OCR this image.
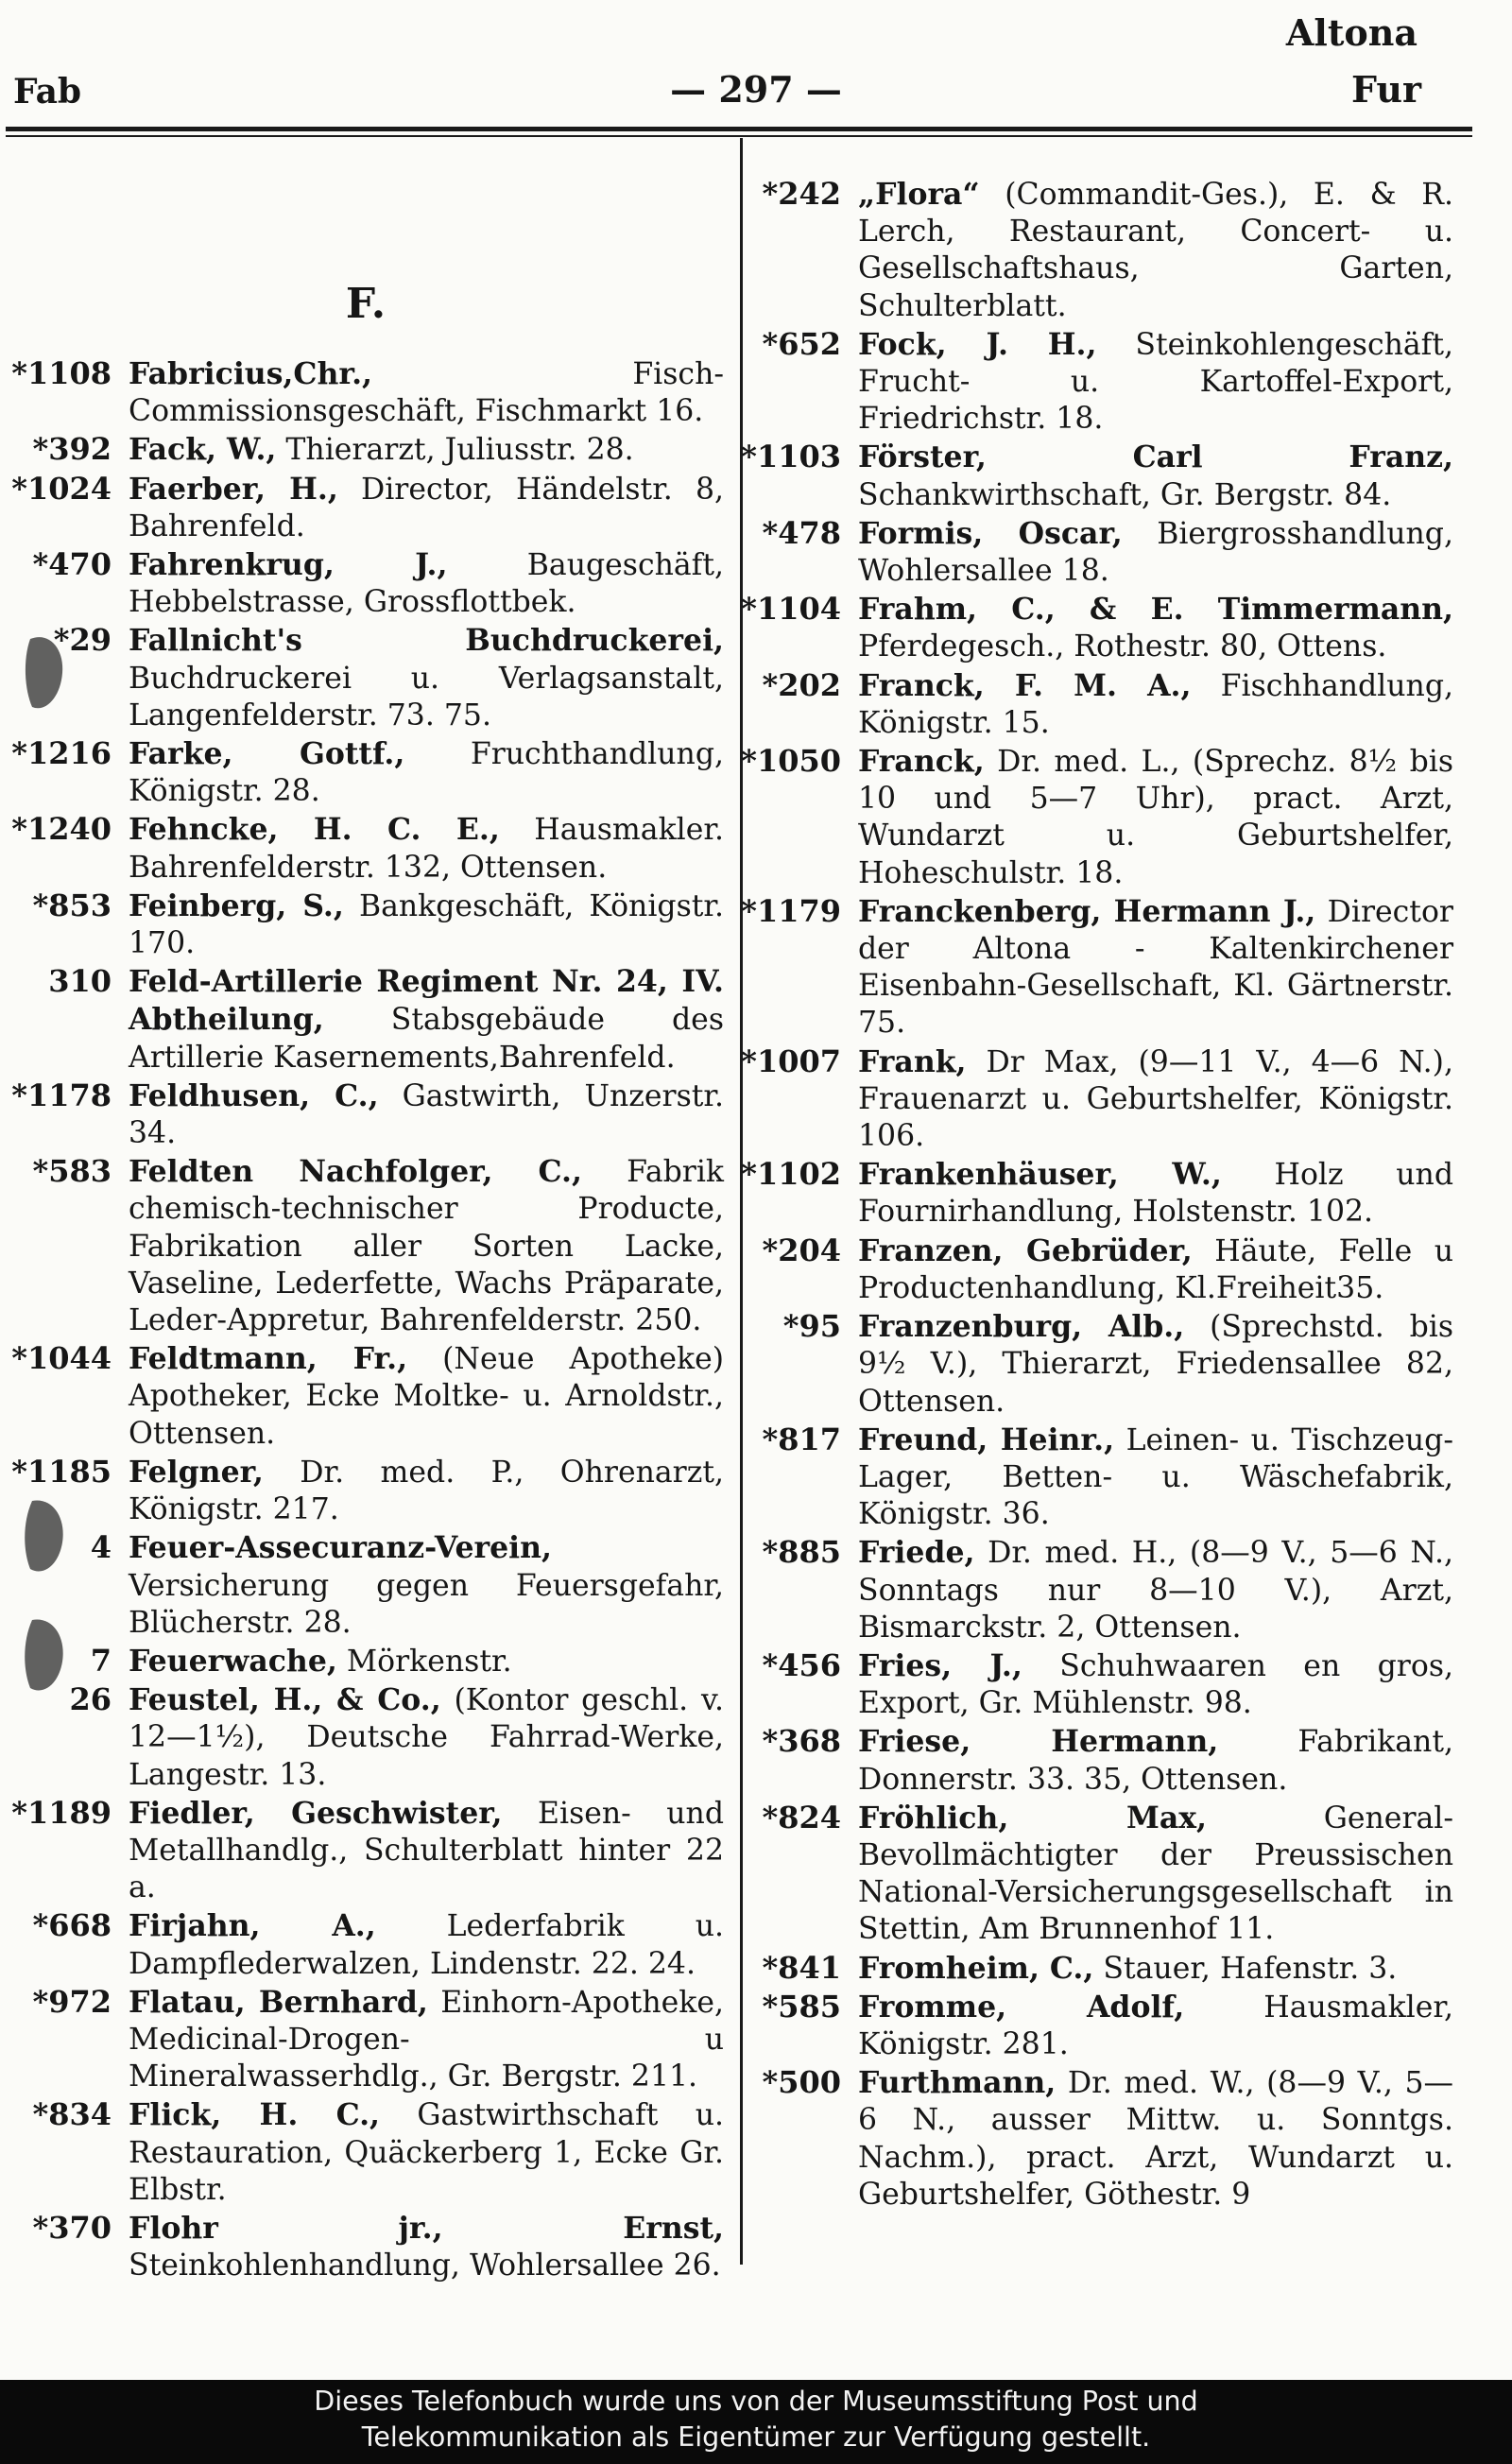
Altona
Fab	— 297 —	Fur
F.
*1108 Fabricius,Chr.,	Fisch-Commissionsgeschäft, Fischmarkt 16.
*392 Fack, W., Thierarzt, Juliusstr. 28.
*1024 Faerber, H., Director, Händelstr. 8, Bahrenfeld.
*470 Fahrenkrug, J.,	Baugeschäft, Hebbelstrasse, Grossflottbek.
*29 Fallnicht's Buchdruckerei, Buchdruckerei u. Verlagsanstalt, Langenfelderstr. 73. 75.
*1216 Farke, Gottf., Fruchthandlung, Königstr. 28.
*1240 Fehncke, H. C. E., Hausmakler. Bahrenfelderstr. 132, Ottensen.
*853 Feinberg, S., Bankgeschäft, Königstr. 170.
310 Feld-Artillerie Regiment Nr. 24, IV. Abtheilung, Stabsgebäude des Artillerie Kasernements,Bahrenfeld.
*1178 Feldhusen, C., Gastwirth, Unzerstr. 34.
*583 Feldten Nachfolger, C., Fabrik chemisch-technischer Producte, Fabrikation aller Sorten Lacke, Vaseline, Lederfette, Wachs Präparate, Leder-Appretur, Bahrenfelderstr. 250.
*1044 Feldtmann, Fr., (Neue Apotheke) Apotheker, Ecke Moltke- u. Arnoldstr., Ottensen.
*1185 Felgner, Dr. med. P., Ohrenarzt, Königstr. 217.
4 Feuer-Assecuranz-Verein, Versicherung gegen Feuersgefahr, Blücherstr. 28.
7 Feuerwache, Mörkenstr.
26 Feustel, H., & Co., (Kontor geschl. v. 12—1½), Deutsche Fahrrad-Werke, Langestr. 13.
*1189 Fiedler, Geschwister, Eisen- und Metallhandlg., Schulterblatt hinter 22 a.
*668 Firjahn, A., Lederfabrik u. Dampflederwalzen, Lindenstr. 22. 24.
*972 Flatau, Bernhard, Einhorn-Apotheke, Medicinal-Drogen- u Mineralwasserhdlg., Gr. Bergstr. 211.
*834 Flick, H. C., Gastwirthschaft u. Restauration, Quäckerberg 1, Ecke Gr. Elbstr.
*370 Flohr jr., Ernst, Steinkohlenhandlung, Wohlersallee 26.
*242 „Flora“ (Commandit-Ges.), E. & R. Lerch, Restaurant, Concert- u. Gesellschaftshaus, Garten, Schulterblatt.
*652 Fock, J. H., Steinkohlengeschäft, Frucht- u. Kartoffel-Export, Friedrichstr. 18.
*1103 Förster, Carl Franz, Schankwirthschaft, Gr. Bergstr. 84.
*478 Formis, Oscar, Biergrosshandlung, Wohlersallee 18.
*1104 Frahm, C., & E. Timmermann, Pferdegesch., Rothestr. 80, Ottens.
*202 Franck, F. M. A., Fischhandlung, Königstr. 15.
*1050 Franck, Dr. med. L., (Sprechz. 8½ bis 10 und 5—7 Uhr), pract. Arzt, Wundarzt u. Geburtshelfer, Hoheschulstr. 18.
*1179 Franckenberg, Hermann J., Director der Altona - Kaltenkirchener Eisenbahn-Gesellschaft, Kl. Gärtnerstr. 75.
*1007 Frank, Dr Max, (9—11 V., 4—6 N.), Frauenarzt u. Geburtshelfer, Königstr. 106.
*1102 Frankenhäuser, W., Holz und Fournirhandlung, Holstenstr. 102.
*204 Franzen, Gebrüder, Häute, Felle u Productenhandlung, Kl.Freiheit35.
*95 Franzenburg, Alb., (Sprechstd. bis 9½ V.), Thierarzt, Friedensallee 82, Ottensen.
*817 Freund, Heinr., Leinen- u. Tischzeug-Lager, Betten- u. Wäschefabrik, Königstr. 36.
*885 Friede, Dr. med. H., (8—9 V., 5—6 N., Sonntags nur 8—10 V.), Arzt, Bismarckstr. 2, Ottensen.
*456 Fries, J., Schuhwaaren en gros, Export, Gr. Mühlenstr. 98.
*368 Friese, Hermann,	Fabrikant, Donnerstr. 33. 35, Ottensen.
*824 Fröhlich, Max,	General-Bevollmächtigter der Preussischen National-Versicherungsgesellschaft in Stettin, Am Brunnenhof 11.
*841 Fromheim, C., Stauer, Hafenstr. 3.
*585 Fromme, Adolf,	Hausmakler, Königstr. 281.
*500 Furthmann, Dr. med. W., (8—9 V., 5—6 N., ausser Mittw. u. Sonntgs. Nachm.), pract. Arzt, Wundarzt u. Geburtshelfer, Göthestr. 9
Dieses Telefonbuch wurde uns von der Museumsstiftung Post und
Telekommunikation als Eigentümer zur Verfügung gestellt.
